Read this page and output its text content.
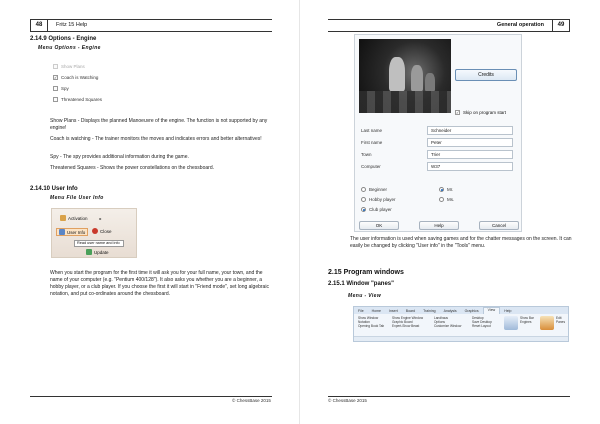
48	Fritz 15 Help
2.14.9 Options - Engine
Menu Options - Engine
Show Plans
✓ Coach is Watching
Spy
Threatened Squares
Show Plans - Displays the planned Manoeuvre of the engine. The function is not supported by any engine!
Coach is watching - The trainer monitors the moves and indicates errors and better alternatives!
Spy - The spy provides additional information during the game.
Threatened Squares - Shows the power constellations on the chessboard.
2.14.10 User Info
Menu File User Info
Activation	▸
User Info	Close
Read user name and info
Update
When you start the program for the first time it will ask you for your full name, your town, and the name of your computer (e.g. "Pentium 400/128"). It also asks you whether you are a beginner, a hobby player, or a club player. If you choose the first it will start in "Friend mode", set long algebraic notation, and put co-ordinates around the chessboard.
© ChessBase 2015
General operation	49
Credits
✓ Skip on program start
Last name	Schneider
First name	Peter
Town	Trier
Computer	W37
Beginner
Hobby player
Club player
Mr.
Ms.
OK	Help	Cancel
The user information is used when saving games and for the chatter messages on the screen. It can easily be changed by clicking "User info" in the "Tools" menu.
2.15 Program windows
2.15.1 Window "panes"
Menu - View
File	Home	Insert	Board	Training	Analysis	Graphics	View	Help
Show Window
Notation
Opening Book Tab
Show Engine Window
Graphic Board
Expert-Show Beast
Landhaus
Options
Customize Window
Desktop
Save Desktop
Reset Layout
Show Bar
Engines
Edit
Panes
© ChessBase 2015
